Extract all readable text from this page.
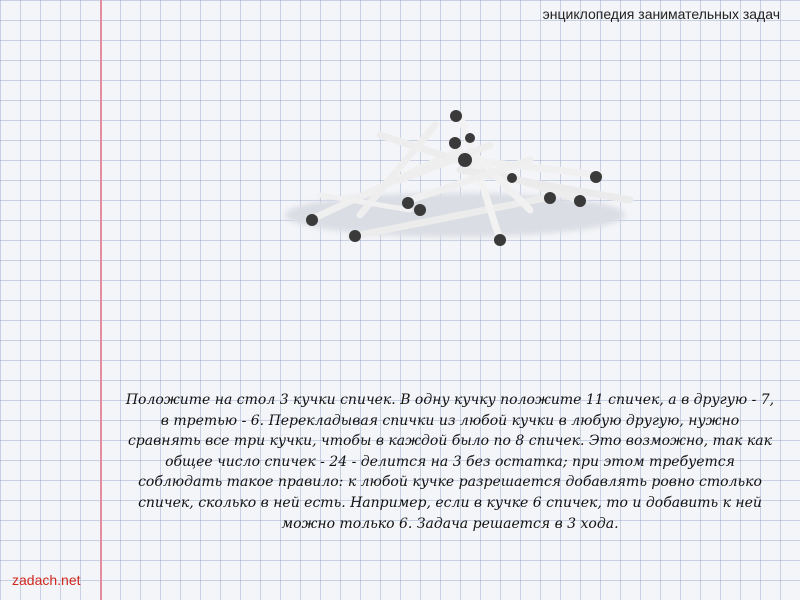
энциклопедия занимательных задач
Положите на стол 3 кучки спичек. В одну кучку положите 11 спичек, а в другую - 7, в третью - 6. Перекладывая спички из любой кучки в любую другую, нужно сравнять все три кучки, чтобы в каждой было по 8 спичек. Это возможно, так как общее число спичек - 24 - делится на 3 без остатка; при этом требуется соблюдать такое правило: к любой кучке разрешается добавлять ровно столько спичек, сколько в ней есть. Например, если в кучке 6 спичек, то и добавить к ней можно только 6. Задача решается в 3 хода.
zadach.net
